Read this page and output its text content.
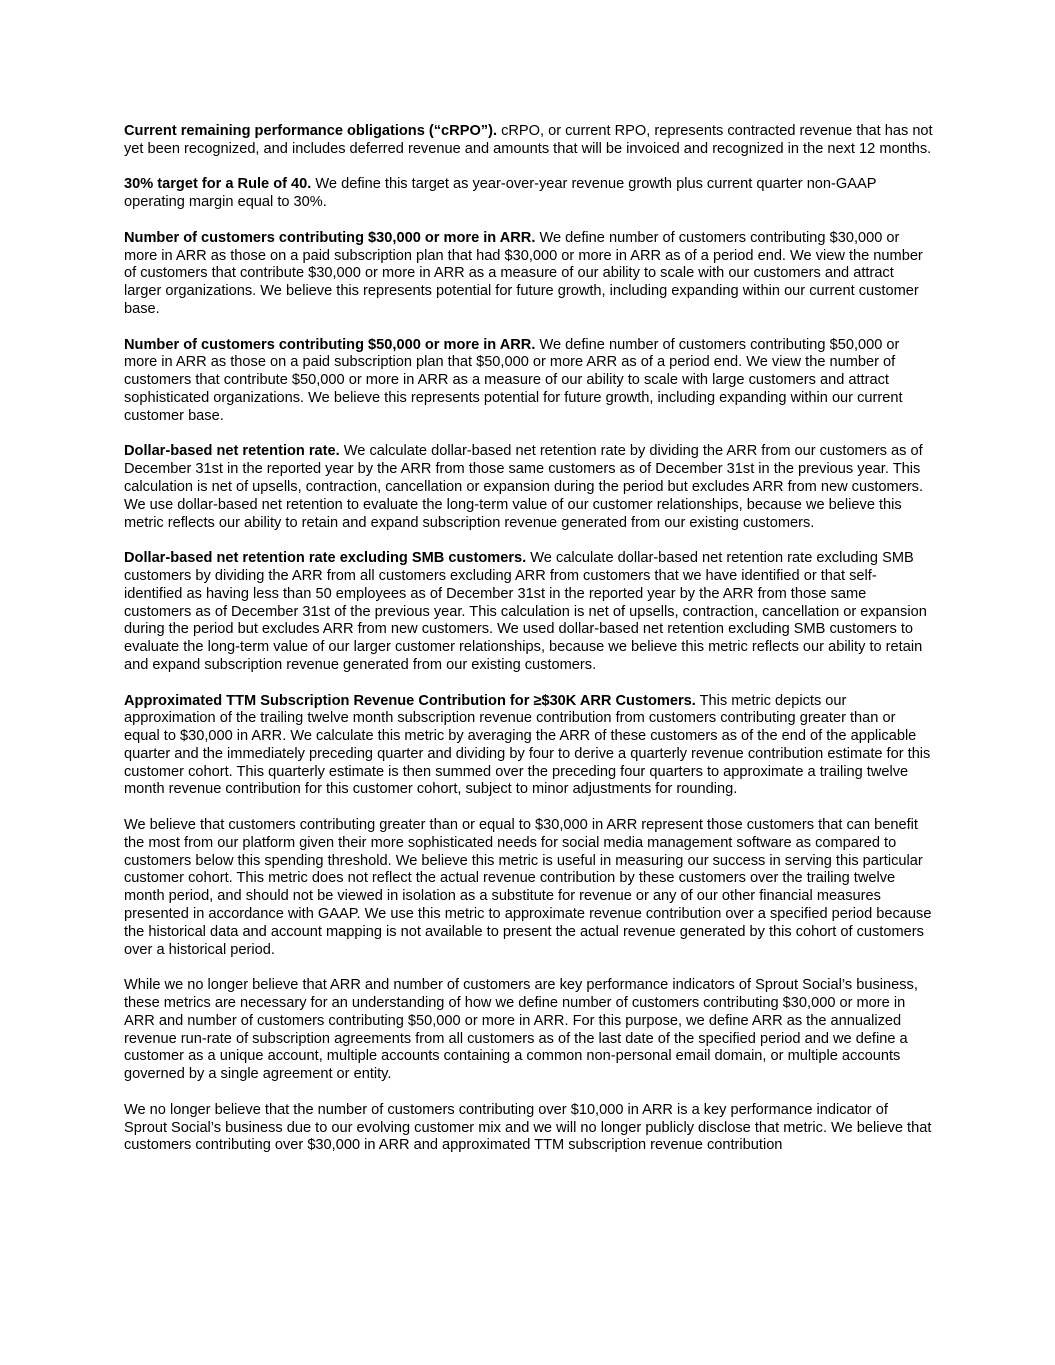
Current remaining performance obligations (“cRPO”). cRPO, or current RPO, represents contracted revenue that has not yet been recognized, and includes deferred revenue and amounts that will be invoiced and recognized in the next 12 months.

30% target for a Rule of 40. We define this target as year-over-year revenue growth plus current quarter non-GAAP operating margin equal to 30%.

Number of customers contributing $30,000 or more in ARR. We define number of customers contributing $30,000 or more in ARR as those on a paid subscription plan that had $30,000 or more in ARR as of a period end. We view the number of customers that contribute $30,000 or more in ARR as a measure of our ability to scale with our customers and attract larger organizations. We believe this represents potential for future growth, including expanding within our current customer base.

Number of customers contributing $50,000 or more in ARR. We define number of customers contributing $50,000 or more in ARR as those on a paid subscription plan that $50,000 or more ARR as of a period end. We view the number of customers that contribute $50,000 or more in ARR as a measure of our ability to scale with large customers and attract sophisticated organizations. We believe this represents potential for future growth, including expanding within our current customer base.

Dollar-based net retention rate. We calculate dollar-based net retention rate by dividing the ARR from our customers as of December 31st in the reported year by the ARR from those same customers as of December 31st in the previous year. This calculation is net of upsells, contraction, cancellation or expansion during the period but excludes ARR from new customers. We use dollar-based net retention to evaluate the long-term value of our customer relationships, because we believe this metric reflects our ability to retain and expand subscription revenue generated from our existing customers.

Dollar-based net retention rate excluding SMB customers. We calculate dollar-based net retention rate excluding SMB customers by dividing the ARR from all customers excluding ARR from customers that we have identified or that self-identified as having less than 50 employees as of December 31st in the reported year by the ARR from those same customers as of December 31st of the previous year. This calculation is net of upsells, contraction, cancellation or expansion during the period but excludes ARR from new customers. We used dollar-based net retention excluding SMB customers to evaluate the long-term value of our larger customer relationships, because we believe this metric reflects our ability to retain and expand subscription revenue generated from our existing customers.

Approximated TTM Subscription Revenue Contribution for ≥$30K ARR Customers. This metric depicts our approximation of the trailing twelve month subscription revenue contribution from customers contributing greater than or equal to $30,000 in ARR. We calculate this metric by averaging the ARR of these customers as of the end of the applicable quarter and the immediately preceding quarter and dividing by four to derive a quarterly revenue contribution estimate for this customer cohort. This quarterly estimate is then summed over the preceding four quarters to approximate a trailing twelve month revenue contribution for this customer cohort, subject to minor adjustments for rounding.

We believe that customers contributing greater than or equal to $30,000 in ARR represent those customers that can benefit the most from our platform given their more sophisticated needs for social media management software as compared to customers below this spending threshold. We believe this metric is useful in measuring our success in serving this particular customer cohort. This metric does not reflect the actual revenue contribution by these customers over the trailing twelve month period, and should not be viewed in isolation as a substitute for revenue or any of our other financial measures presented in accordance with GAAP. We use this metric to approximate revenue contribution over a specified period because the historical data and account mapping is not available to present the actual revenue generated by this cohort of customers over a historical period.

While we no longer believe that ARR and number of customers are key performance indicators of Sprout Social’s business, these metrics are necessary for an understanding of how we define number of customers contributing $30,000 or more in ARR and number of customers contributing $50,000 or more in ARR. For this purpose, we define ARR as the annualized revenue run-rate of subscription agreements from all customers as of the last date of the specified period and we define a customer as a unique account, multiple accounts containing a common non-personal email domain, or multiple accounts governed by a single agreement or entity.

We no longer believe that the number of customers contributing over $10,000 in ARR is a key performance indicator of Sprout Social’s business due to our evolving customer mix and we will no longer publicly disclose that metric. We believe that customers contributing over $30,000 in ARR and approximated TTM subscription revenue contribution
